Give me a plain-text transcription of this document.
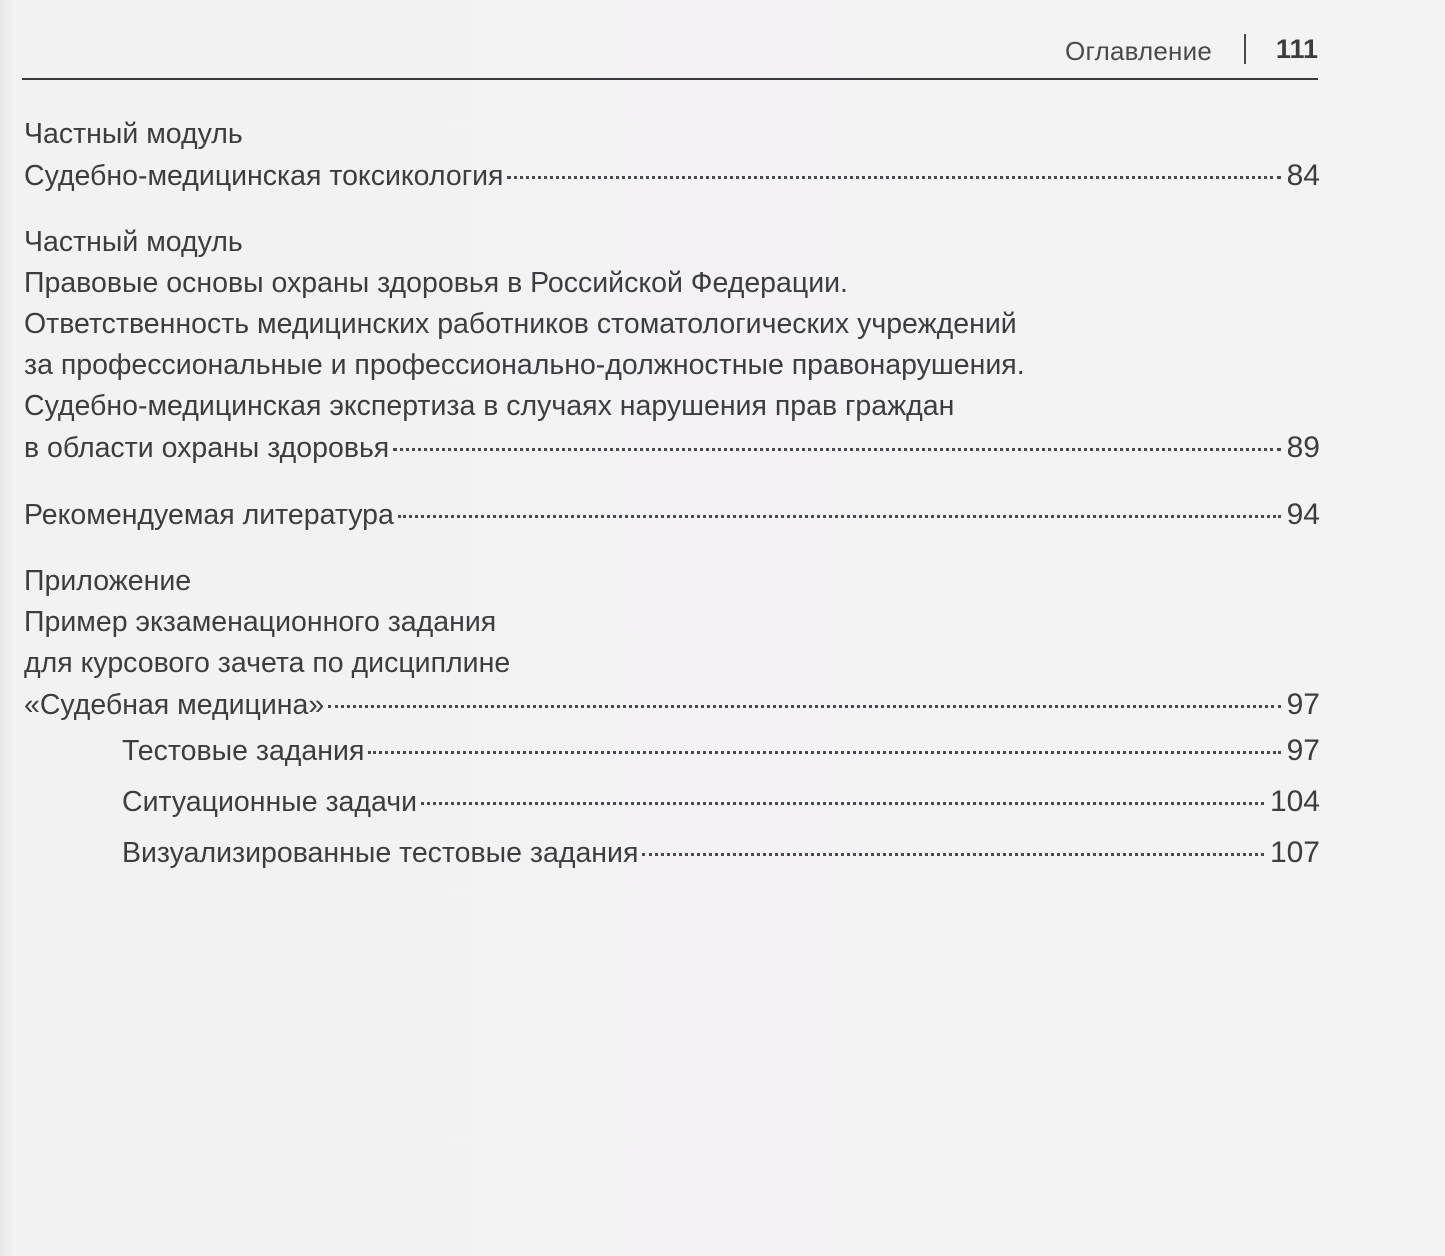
Оглавление 111
Частный модуль
Судебно-медицинская токсикология	84
Частный модуль
Правовые основы охраны здоровья в Российской Федерации.
Ответственность медицинских работников стоматологических учреждений
за профессиональные и профессионально-должностные правонарушения.
Судебно-медицинская экспертиза в случаях нарушения прав граждан
в области охраны здоровья	89
Рекомендуемая литература	94
Приложение
Пример экзаменационного задания
для курсового зачета по дисциплине
«Судебная медицина»	97
Тестовые задания	97
Ситуационные задачи	104
Визуализированные тестовые задания	107
